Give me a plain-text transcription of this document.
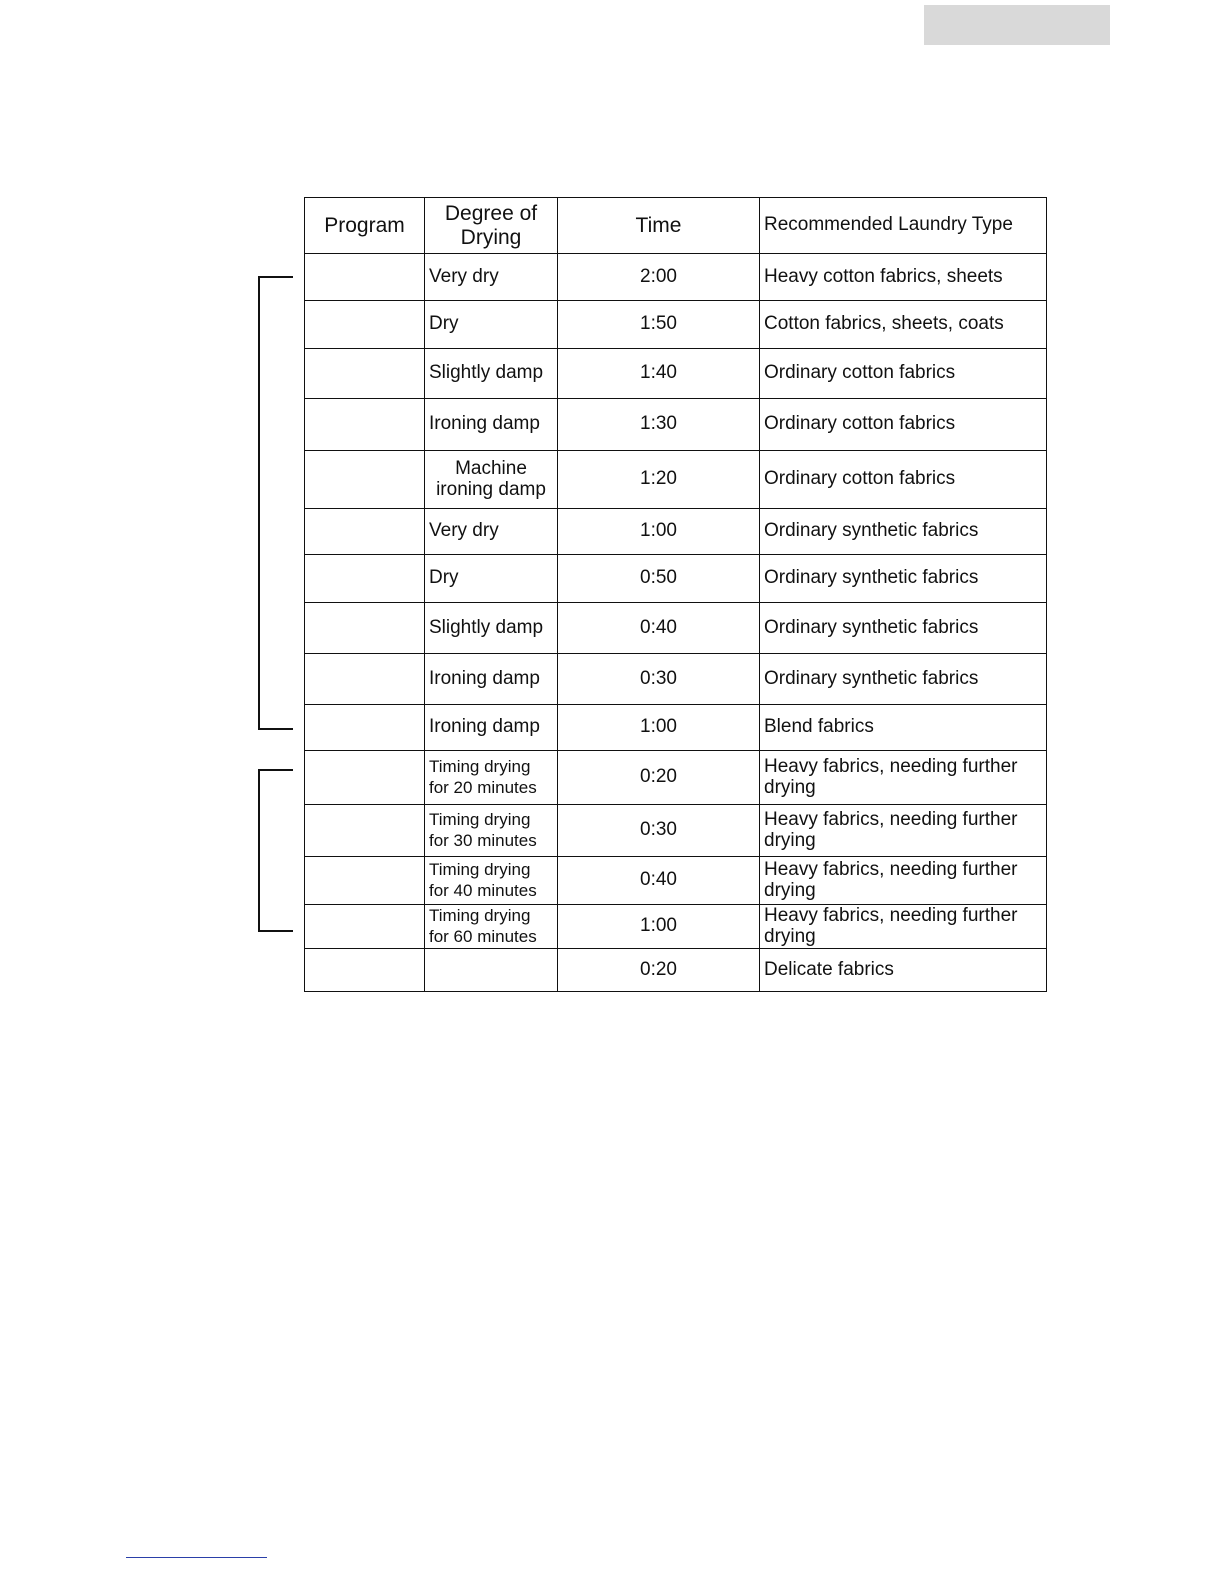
Program	Degree of Drying	Time	Recommended Laundry Type
	Very dry	2:00	Heavy cotton fabrics, sheets
	Dry	1:50	Cotton fabrics, sheets, coats
	Slightly damp	1:40	Ordinary cotton fabrics
	Ironing damp	1:30	Ordinary cotton fabrics
	Machine ironing damp	1:20	Ordinary cotton fabrics
	Very dry	1:00	Ordinary synthetic fabrics
	Dry	0:50	Ordinary synthetic fabrics
	Slightly damp	0:40	Ordinary synthetic fabrics
	Ironing damp	0:30	Ordinary synthetic fabrics
	Ironing damp	1:00	Blend fabrics
	Timing drying for 20 minutes	0:20	Heavy fabrics, needing further drying
	Timing drying for 30 minutes	0:30	Heavy fabrics, needing further drying
	Timing drying for 40 minutes	0:40	Heavy fabrics, needing further drying
	Timing drying for 60 minutes	1:00	Heavy fabrics, needing further drying
		0:20	Delicate fabrics
